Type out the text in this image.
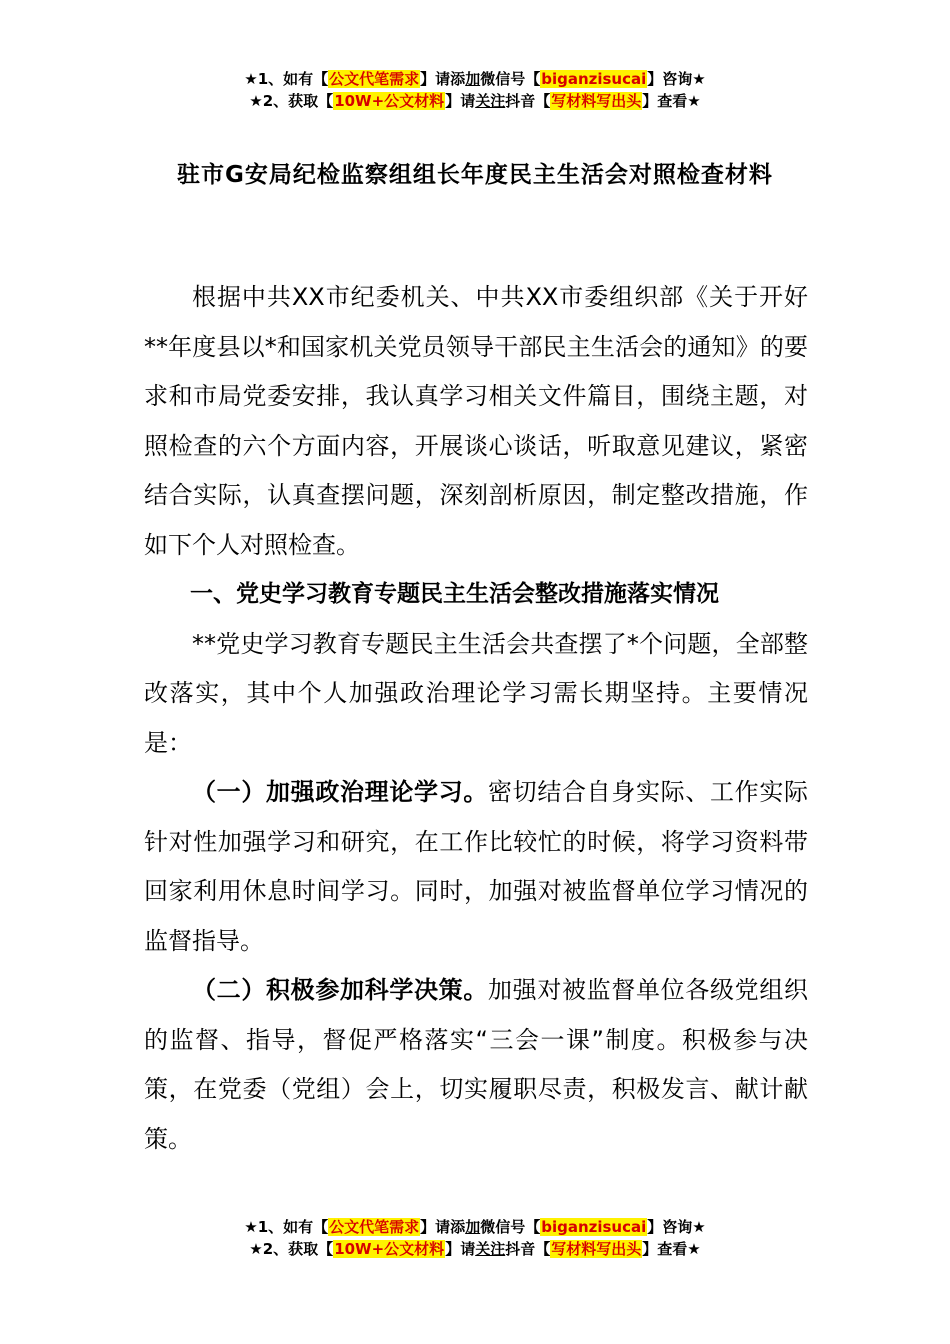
★1、如有【公文代笔需求】请添加微信号【biganzisucai】咨询★
★2、获取【10W+公文材料】请关注抖音【写材料写出头】查看★
驻市G安局纪检监察组组长年度民主生活会对照检查材料

根据中共XX市纪委机关、中共XX市委组织部《关于开好**年度县以*和国家机关党员领导干部民主生活会的通知》的要求和市局党委安排，我认真学习相关文件篇目，围绕主题，对照检查的六个方面内容，开展谈心谈话，听取意见建议，紧密结合实际，认真查摆问题，深刻剖析原因，制定整改措施，作如下个人对照检查。

一、党史学习教育专题民主生活会整改措施落实情况

**党史学习教育专题民主生活会共查摆了*个问题，全部整改落实，其中个人加强政治理论学习需长期坚持。主要情况是：

（一）加强政治理论学习。密切结合自身实际、工作实际针对性加强学习和研究，在工作比较忙的时候，将学习资料带回家利用休息时间学习。同时，加强对被监督单位学习情况的监督指导。

（二）积极参加科学决策。加强对被监督单位各级党组织的监督、指导，督促严格落实“三会一课”制度。积极参与决策，在党委（党组）会上，切实履职尽责，积极发言、献计献策。

★1、如有【公文代笔需求】请添加微信号【biganzisucai】咨询★
★2、获取【10W+公文材料】请关注抖音【写材料写出头】查看★
